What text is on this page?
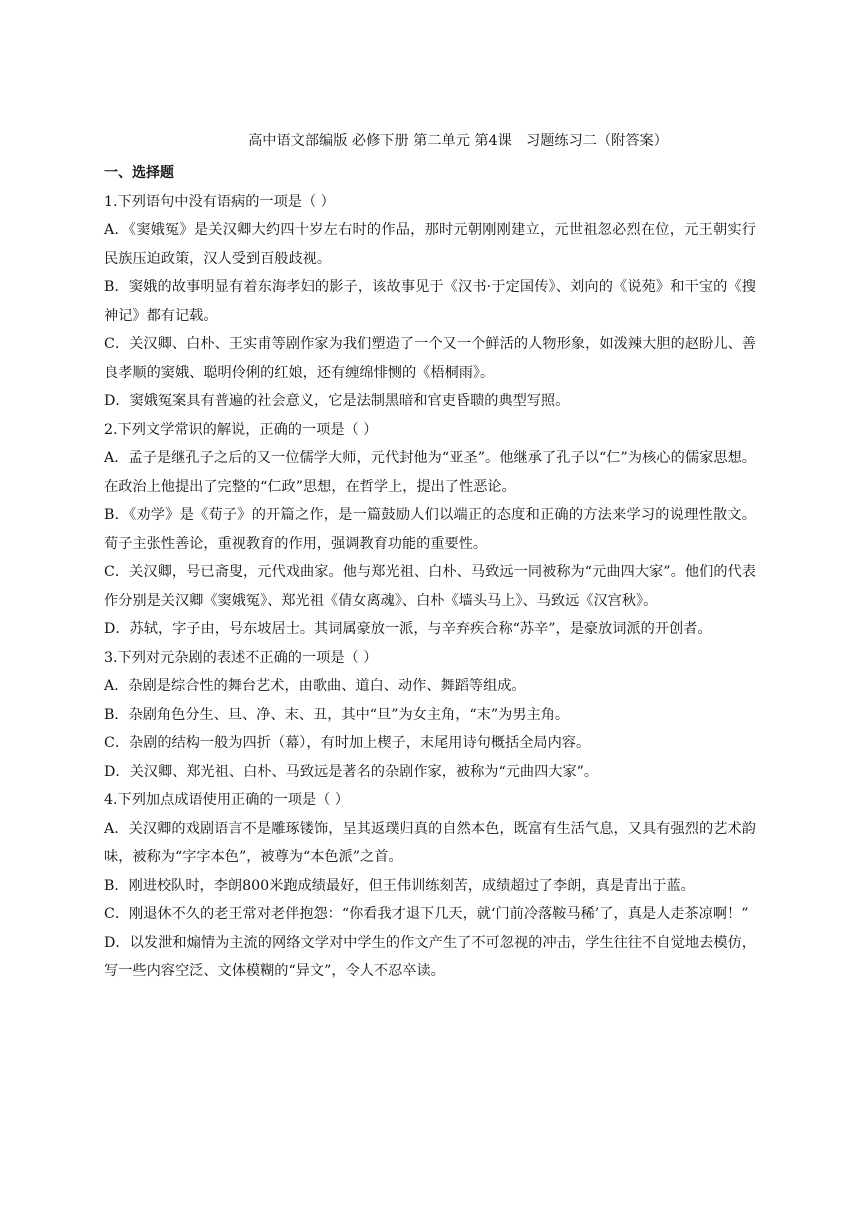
高中语文部编版 必修下册 第二单元 第4课　习题练习二（附答案）
一、选择题

1.下列语句中没有语病的一项是（ ）

A．《窦娥冤》是关汉卿大约四十岁左右时的作品，那时元朝刚刚建立，元世祖忽必烈在位，元王朝实行民族压迫政策，汉人受到百般歧视。

B．窦娥的故事明显有着东海孝妇的影子，该故事见于《汉书·于定国传》、刘向的《说苑》和干宝的《搜神记》都有记载。

C．关汉卿、白朴、王实甫等剧作家为我们塑造了一个又一个鲜活的人物形象，如泼辣大胆的赵盼儿、善良孝顺的窦娥、聪明伶俐的红娘，还有缠绵悱恻的《梧桐雨》。

D．窦娥冤案具有普遍的社会意义，它是法制黑暗和官吏昏聩的典型写照。

2.下列文学常识的解说，正确的一项是（ ）

A．孟子是继孔子之后的又一位儒学大师，元代封他为“亚圣”。他继承了孔子以“仁”为核心的儒家思想。在政治上他提出了完整的“仁政”思想，在哲学上，提出了性恶论。

B．《劝学》是《荀子》的开篇之作，是一篇鼓励人们以端正的态度和正确的方法来学习的说理性散文。荀子主张性善论，重视教育的作用，强调教育功能的重要性。

C．关汉卿，号已斋叟，元代戏曲家。他与郑光祖、白朴、马致远一同被称为“元曲四大家”。他们的代表作分别是关汉卿《窦娥冤》、郑光祖《倩女离魂》、白朴《墙头马上》、马致远《汉宫秋》。

D．苏轼，字子由，号东坡居士。其词属豪放一派，与辛弃疾合称“苏辛”，是豪放词派的开创者。

3.下列对元杂剧的表述不正确的一项是（ ）

A．杂剧是综合性的舞台艺术，由歌曲、道白、动作、舞蹈等组成。

B．杂剧角色分生、旦、净、末、丑，其中“旦”为女主角，“末”为男主角。

C．杂剧的结构一般为四折（幕），有时加上楔子，末尾用诗句概括全局内容。

D．关汉卿、郑光祖、白朴、马致远是著名的杂剧作家，被称为“元曲四大家”。

4.下列加点成语使用正确的一项是（ ）

A．关汉卿的戏剧语言不是雕琢镂饰，呈其返璞归真的自然本色，既富有生活气息，又具有强烈的艺术韵味，被称为“字字本色”，被尊为“本色派”之首。

B．刚进校队时，李朗800米跑成绩最好，但王伟训练刻苦，成绩超过了李朗，真是青出于蓝。

C．刚退休不久的老王常对老伴抱怨：“你看我才退下几天，就‘门前冷落鞍马稀’了，真是人走茶凉啊！”

D．以发泄和煽情为主流的网络文学对中学生的作文产生了不可忽视的冲击，学生往往不自觉地去模仿，写一些内容空泛、文体模糊的“异文”，令人不忍卒读。
